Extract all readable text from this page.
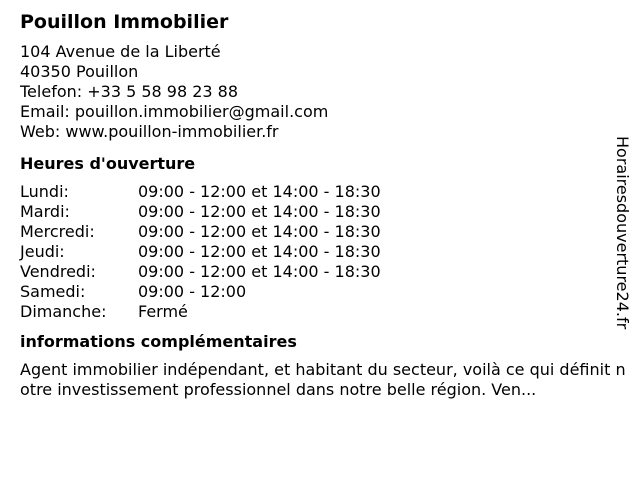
Pouillon Immobilier
104 Avenue de la Liberté
40350 Pouillon
Telefon: +33 5 58 98 23 88
Email: pouillon.immobilier@gmail.com
Web: www.pouillon-immobilier.fr
Heures d'ouverture
Lundi:	09:00 - 12:00 et 14:00 - 18:30
Mardi:	09:00 - 12:00 et 14:00 - 18:30
Mercredi:	09:00 - 12:00 et 14:00 - 18:30
Jeudi:	09:00 - 12:00 et 14:00 - 18:30
Vendredi:	09:00 - 12:00 et 14:00 - 18:30
Samedi:	09:00 - 12:00
Dimanche:	Fermé
informations complémentaires
Agent immobilier indépendant, et habitant du secteur, voilà ce qui définit notre investissement professionnel dans notre belle région. Ven...
Horairesdouverture24.fr
